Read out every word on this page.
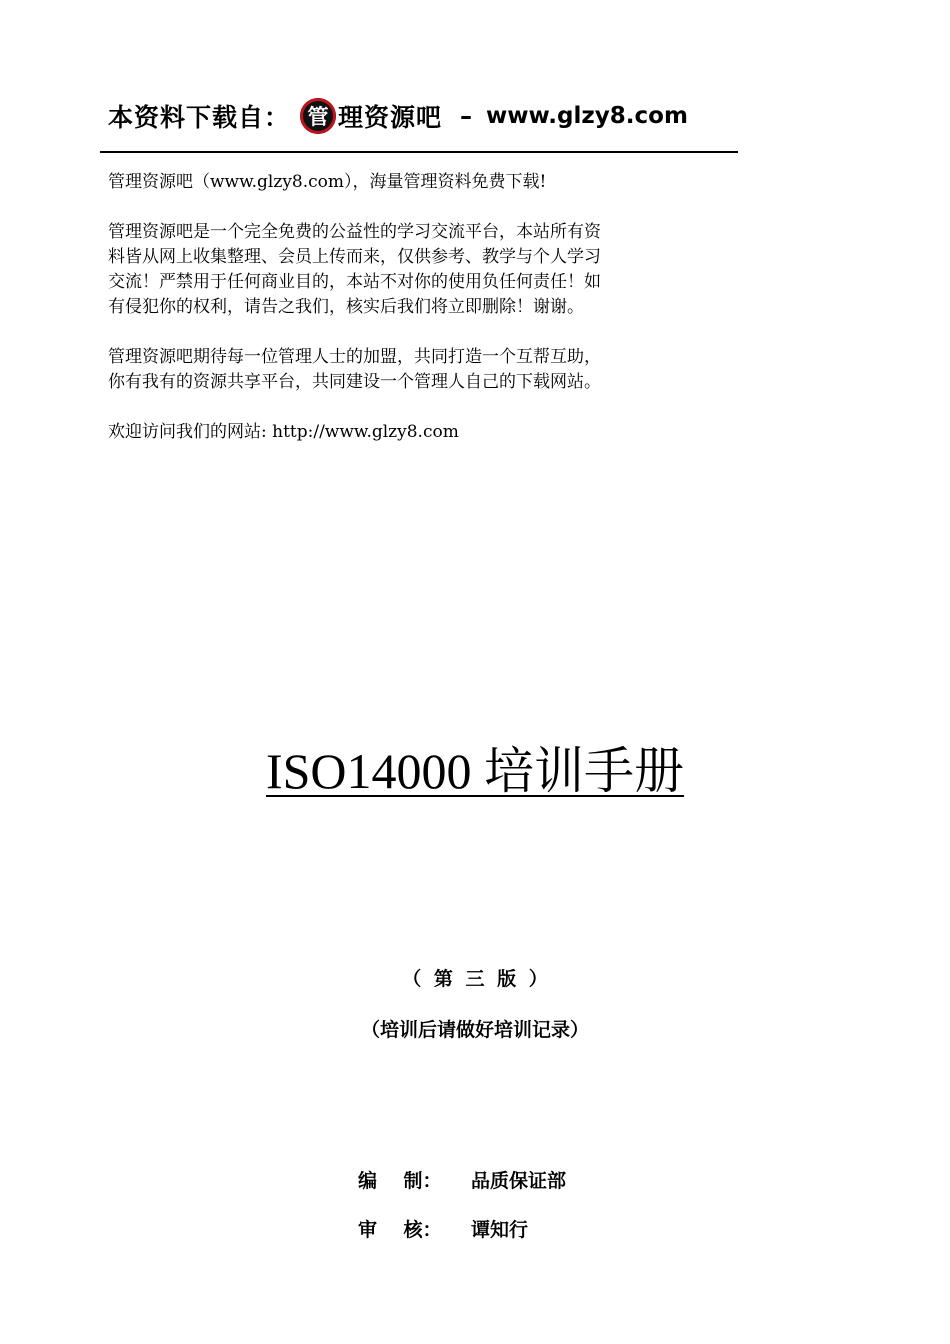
本资料下载自： 管 理资源吧 – www.glzy8.com

管理资源吧（www.glzy8.com），海量管理资料免费下载!

管理资源吧是一个完全免费的公益性的学习交流平台，本站所有资
料皆从网上收集整理、会员上传而来，仅供参考、教学与个人学习
交流！严禁用于任何商业目的，本站不对你的使用负任何责任！如
有侵犯你的权利，请告之我们，核实后我们将立即删除！谢谢。

管理资源吧期待每一位管理人士的加盟，共同打造一个互帮互助，
你有我有的资源共享平台，共同建设一个管理人自己的下载网站。

欢迎访问我们的网站: http://www.glzy8.com

ISO14000 培训手册
（ 第 三 版 ）
（培训后请做好培训记录）
编    制： 品质保证部
审    核： 谭知行
